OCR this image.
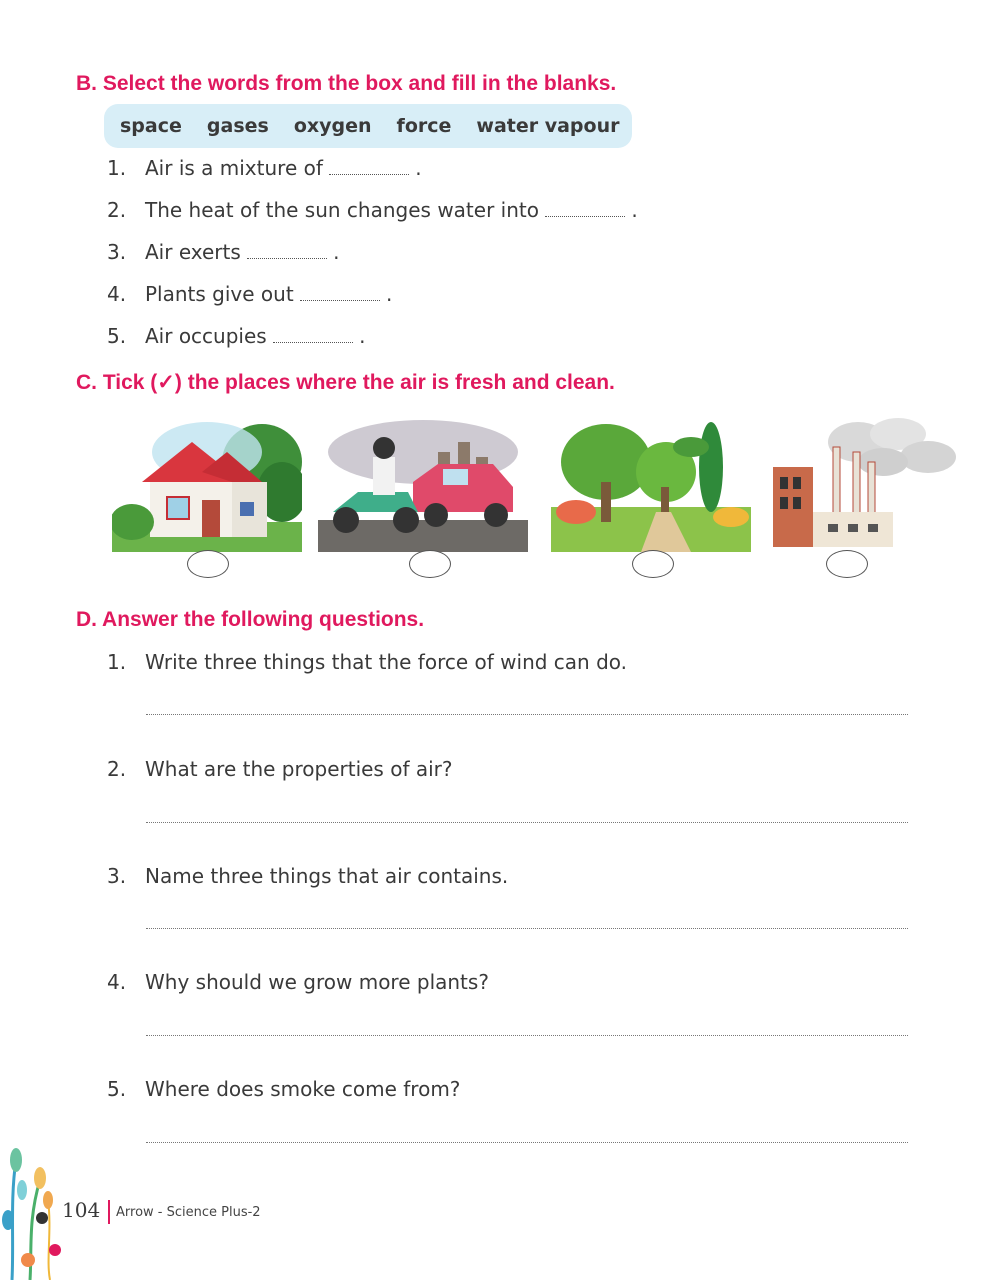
B. Select the words from the box and fill in the blanks.
space gases oxygen force water vapour
1. Air is a mixture of	.
2. The heat of the sun changes water into	.
3. Air exerts	.
4. Plants give out	.
5. Air occupies	.
C. Tick (✓) the places where the air is fresh and clean.
D. Answer the following questions.
1. Write three things that the force of wind can do.
2. What are the properties of air?
3. Name three things that air contains.
4. Why should we grow more plants?
5. Where does smoke come from?
104 Arrow - Science Plus-2
